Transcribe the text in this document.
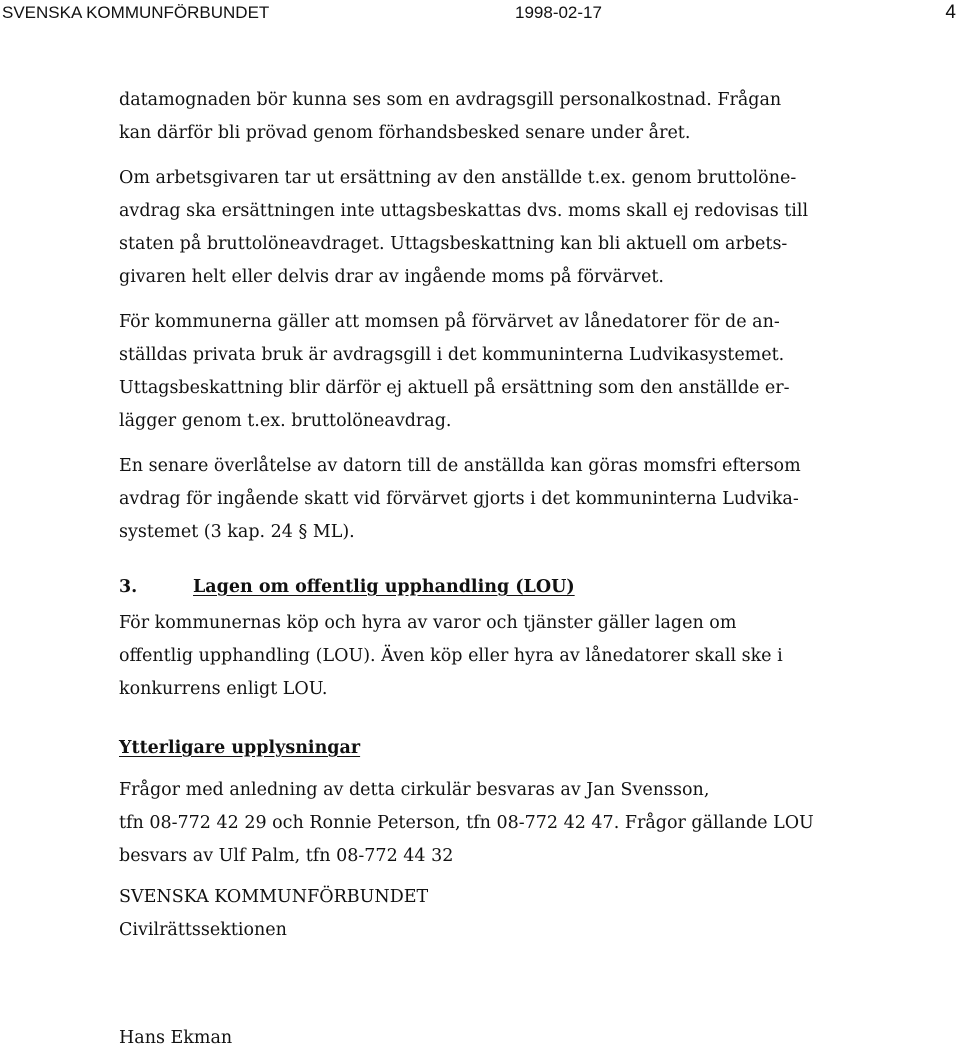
SVENSKA KOMMUNFÖRBUNDET	1998-02-17	4

datamognaden bör kunna ses som en avdragsgill personalkostnad. Frågan
kan därför bli prövad genom förhandsbesked senare under året.

Om arbetsgivaren tar ut ersättning av den anställde t.ex. genom bruttolöne-
avdrag ska ersättningen inte uttagsbeskattas dvs. moms skall ej redovisas till
staten på bruttolöneavdraget. Uttagsbeskattning kan bli aktuell om arbets-
givaren helt eller delvis drar av ingående moms på förvärvet.

För kommunerna gäller att momsen på förvärvet av lånedatorer för de an-
ställdas privata bruk är avdragsgill i det kommuninterna Ludvikasystemet.
Uttagsbeskattning blir därför ej aktuell på ersättning som den anställde er-
lägger genom t.ex. bruttolöneavdrag.

En senare överlåtelse av datorn till de anställda kan göras momsfri eftersom
avdrag för ingående skatt vid förvärvet gjorts i det kommuninterna Ludvika-
systemet (3 kap. 24 § ML).

3.	Lagen om offentlig upphandling (LOU)

För kommunernas köp och hyra av varor och tjänster gäller lagen om
offentlig upphandling (LOU). Även köp eller hyra av lånedatorer skall ske i
konkurrens enligt LOU.

Ytterligare upplysningar

Frågor med anledning av detta cirkulär besvaras av Jan Svensson,
tfn 08-772 42 29 och Ronnie Peterson, tfn 08-772 42 47. Frågor gällande LOU
besvars av Ulf Palm, tfn 08-772 44 32

SVENSKA KOMMUNFÖRBUNDET
Civilrättssektionen

Hans Ekman
